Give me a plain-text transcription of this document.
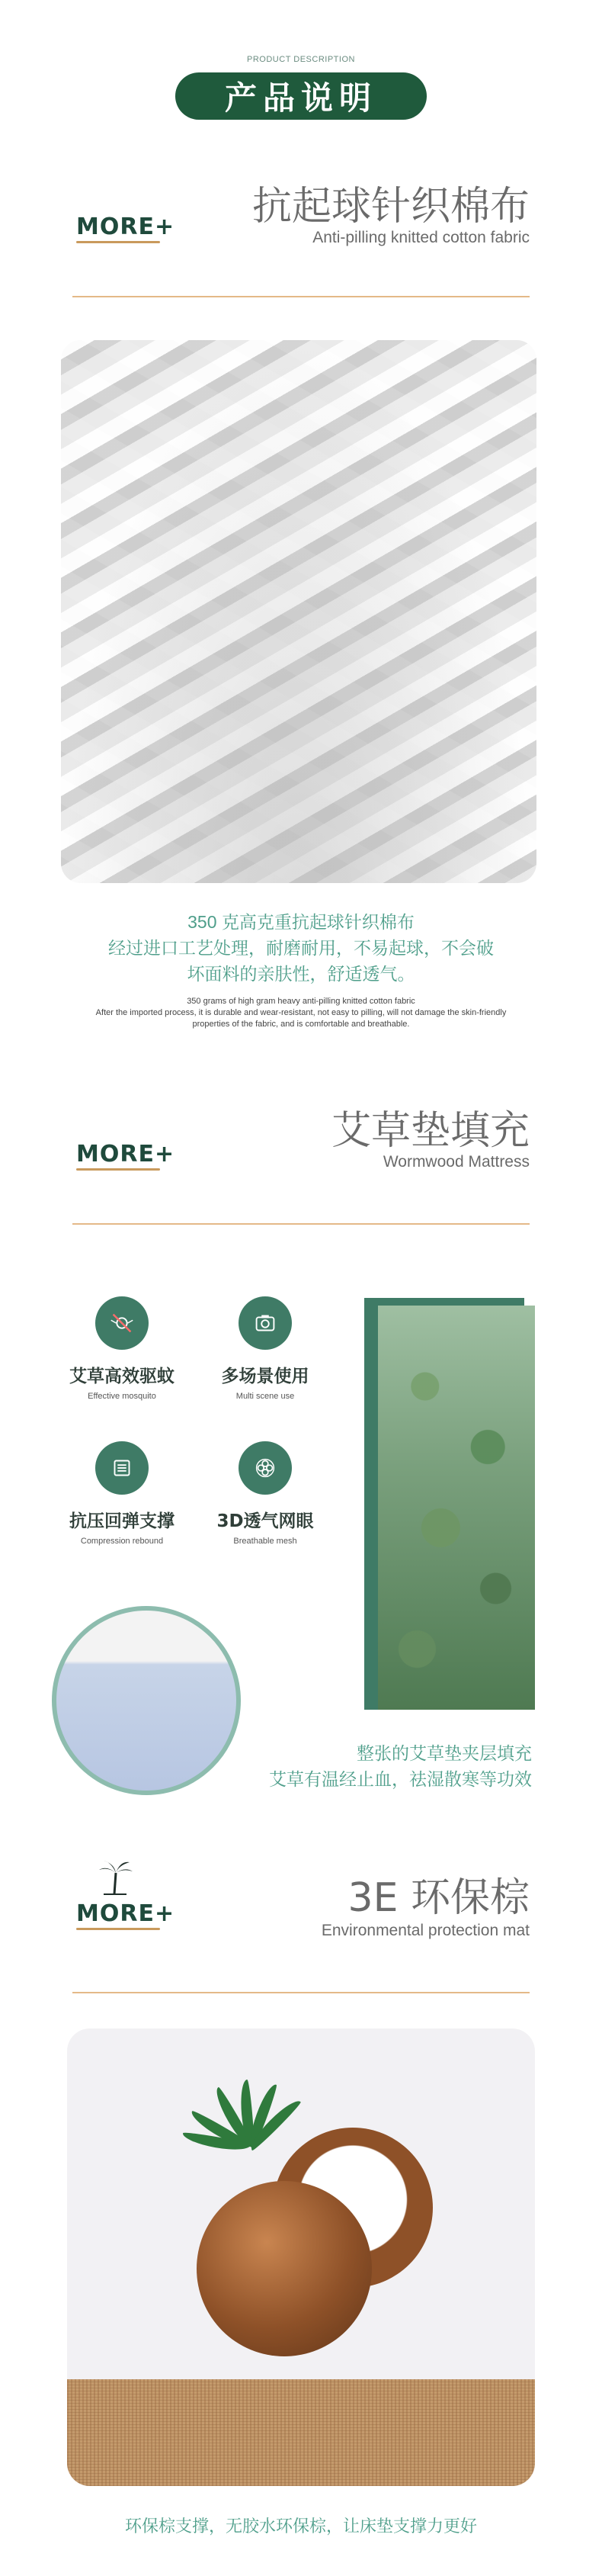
PRODUCT DESCRIPTION
产品说明
MORE+ 抗起球针织棉布
Anti-pilling knitted cotton fabric
350 克高克重抗起球针织棉布
经过进口工艺处理，耐磨耐用，不易起球，不会破
坏面料的亲肤性，舒适透气。
350 grams of high gram heavy anti-pilling knitted cotton fabric
After the imported process, it is durable and wear-resistant, not easy to pilling, will not damage the skin-friendly
properties of the fabric, and is comfortable and breathable.
MORE+
艾草垫填充
Wormwood Mattress
艾草高效驱蚊
Effective mosquito
多场景使用
Multi scene use
抗压回弹支撑
Compression rebound
3D透气网眼
Breathable mesh
整张的艾草垫夹层填充
艾草有温经止血，祛湿散寒等功效
MORE+	3E 环保棕
Environmental protection mat
环保棕支撑，无胶水环保棕，让床垫支撑力更好
